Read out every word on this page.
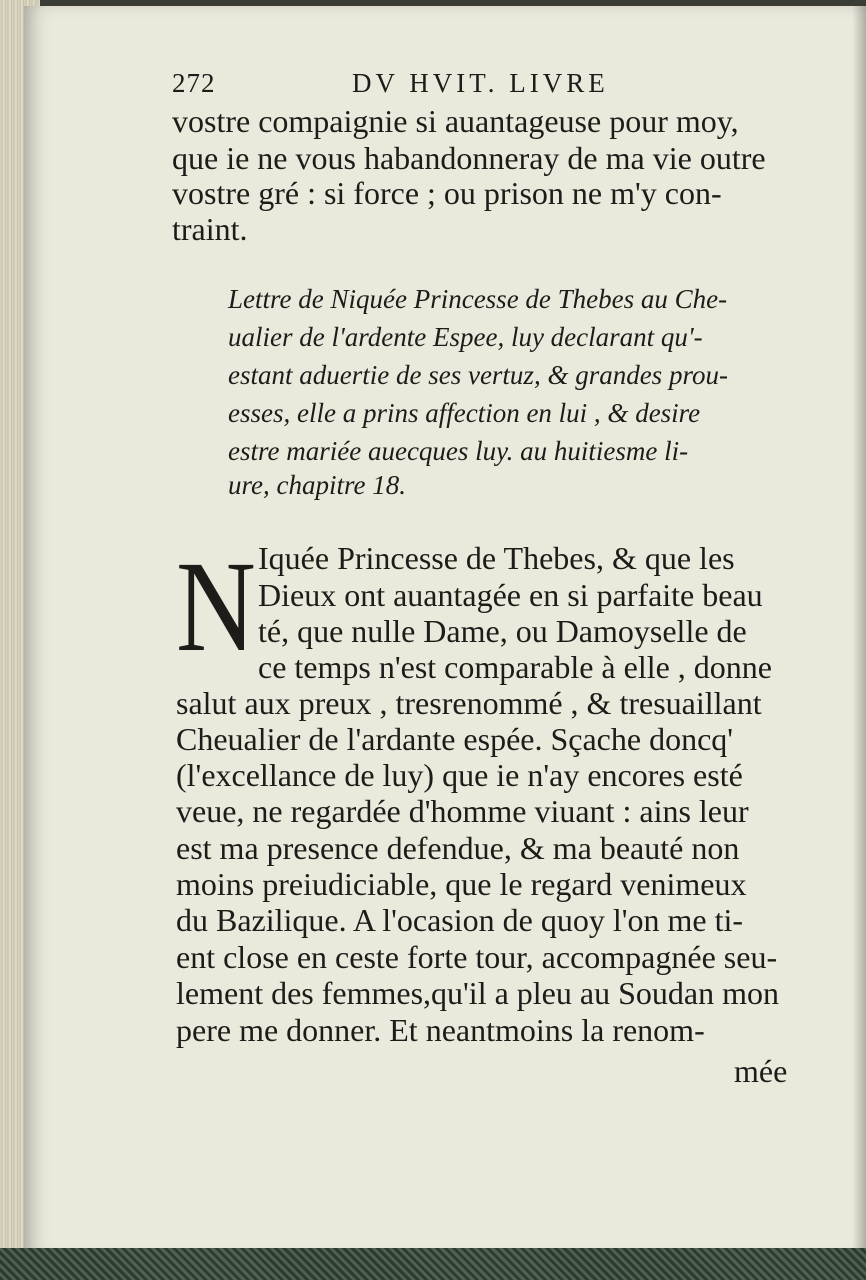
272	DV HVIT. LIVRE
vostre compaignie si auantageuse pour moy,
que ie ne vous habandonneray de ma vie outre
vostre gré : si force ; ou prison ne m'y con-
traint.
Lettre de Niquée Princesse de Thebes au Che-
ualier de l'ardente Espee, luy declarant qu'-
estant aduertie de ses vertuz, & grandes prou-
esses, elle a prins affection en lui , & desire
estre mariée auecques luy. au huitiesme li-
ure, chapitre 18.
N Iquée Princesse de Thebes, & que les
Dieux ont auantagée en si parfaite beau
té, que nulle Dame, ou Damoyselle de
ce temps n'est comparable à elle , donne
salut aux preux , tresrenommé , & tresuaillant
Cheualier de l'ardante espée. Sçache doncq'
(l'excellance de luy) que ie n'ay encores esté
veue, ne regardée d'homme viuant : ains leur
est ma presence defendue, & ma beauté non
moins preiudiciable, que le regard venimeux
du Bazilique. A l'ocasion de quoy l'on me ti-
ent close en ceste forte tour, accompagnée seu-
lement des femmes,qu'il a pleu au Soudan mon
pere me donner. Et neantmoins la renom-
mée
